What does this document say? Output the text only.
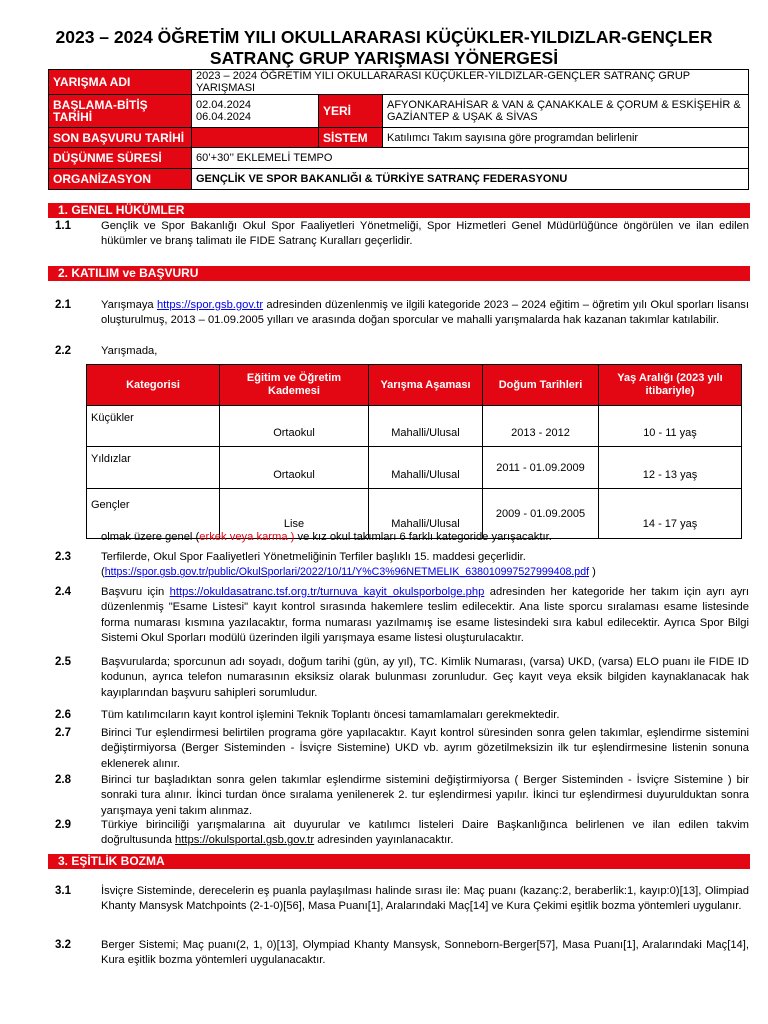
2023 – 2024 ÖĞRETİM YILI OKULLARARASI KÜÇÜKLER-YILDIZLAR-GENÇLER
SATRANÇ GRUP YARIŞMASI YÖNERGESİ
YARIŞMA ADI	2023 – 2024 ÖĞRETİM YILI OKULLARARASI KÜÇÜKLER-YILDIZLAR-GENÇLER SATRANÇ GRUP YARIŞMASI		
BAŞLAMA-BİTİŞ TARİHİ	02.04.2024
06.04.2024	YERİ	AFYONKARAHİSAR & VAN & ÇANAKKALE & ÇORUM & ESKİŞEHİR & GAZİANTEP & UŞAK & SİVAS
SON BAŞVURU TARİHİ		SİSTEM	Katılımcı Takım sayısına göre programdan belirlenir
DÜŞÜNME SÜRESİ	60’+30’’ EKLEMELİ TEMPO		
ORGANİZASYON	GENÇLİK VE SPOR BAKANLIĞI & TÜRKİYE SATRANÇ FEDERASYONU		
1. GENEL HÜKÜMLER
1.1	Gençlik ve Spor Bakanlığı Okul Spor Faaliyetleri Yönetmeliği, Spor Hizmetleri Genel Müdürlüğünce öngörülen ve ilan edilen hükümler ve branş talimatı ile FIDE Satranç Kuralları geçerlidir.
2. KATILIM ve BAŞVURU
2.1	Yarışmaya https://spor.gsb.gov.tr adresinden düzenlenmiş ve ilgili kategoride 2023 – 2024 eğitim – öğretim yılı Okul sporları lisansı oluşturulmuş, 2013 – 01.09.2005 yılları ve arasında doğan sporcular ve mahalli yarışmalarda hak kazanan takımlar katılabilir.
2.2	Yarışmada,
Kategorisi	Eğitim ve Öğretim Kademesi	Yarışma Aşaması	Doğum Tarihleri	Yaş Aralığı (2023 yılı itibariyle)
Küçükler	Ortaokul	Mahalli/Ulusal	2013 - 2012	10 - 11 yaş
Yıldızlar	Ortaokul	Mahalli/Ulusal	2011 - 01.09.2009	12 - 13 yaş
Gençler	Lise	Mahalli/Ulusal	2009 - 01.09.2005	14 - 17 yaş
olmak üzere genel (erkek veya karma ) ve kız okul takımları 6 farklı kategoride yarışacaktır.
2.3	Terfilerde, Okul Spor Faaliyetleri Yönetmeliğinin Terfiler başlıklı 15. maddesi geçerlidir.
(https://spor.gsb.gov.tr/public/OkulSporlari/2022/10/11/Y%C3%96NETMELIK_638010997527999408.pdf )
2.4	Başvuru için https://okuldasatranc.tsf.org.tr/turnuva_kayit_okulsporbolge.php adresinden her kategoride her takım için ayrı ayrı düzenlenmiş "Esame Listesi" kayıt kontrol sırasında hakemlere teslim edilecektir. Ana liste sporcu sıralaması esame listesinde forma numarası kısmına yazılacaktır, forma numarası yazılmamış ise esame listesindeki sıra kabul edilecektir. Ayrıca Spor Bilgi Sistemi Okul Sporları modülü üzerinden ilgili yarışmaya esame listesi oluşturulacaktır.
2.5	Başvurularda; sporcunun adı soyadı, doğum tarihi (gün, ay yıl), TC. Kimlik Numarası, (varsa) UKD, (varsa) ELO puanı ile FIDE ID kodunun, ayrıca telefon numarasının eksiksiz olarak bulunması zorunludur. Geç kayıt veya eksik bilgiden kaynaklanacak hak kayıplarından başvuru sahipleri sorumludur.
2.6	Tüm katılımcıların kayıt kontrol işlemini Teknik Toplantı öncesi tamamlamaları gerekmektedir.
2.7	Birinci Tur eşlendirmesi belirtilen programa göre yapılacaktır. Kayıt kontrol süresinden sonra gelen takımlar, eşlendirme sistemini değiştirmiyorsa (Berger Sisteminden - İsviçre Sistemine) UKD vb. ayrım gözetilmeksizin ilk tur eşlendirmesine listenin sonuna eklenerek alınır.
2.8	Birinci tur başladıktan sonra gelen takımlar eşlendirme sistemini değiştirmiyorsa ( Berger Sisteminden - İsviçre Sistemine ) bir sonraki tura alınır. İkinci turdan önce sıralama yenilenerek 2. tur eşlendirmesi yapılır. İkinci tur eşlendirmesi duyurulduktan sonra yarışmaya yeni takım alınmaz.
2.9	Türkiye birinciliği yarışmalarına ait duyurular ve katılımcı listeleri Daire Başkanlığınca belirlenen ve ilan edilen takvim doğrultusunda https://okulsportal.gsb.gov.tr adresinden yayınlanacaktır.
3. EŞİTLİK BOZMA
3.1	İsviçre Sisteminde, derecelerin eş puanla paylaşılması halinde sırası ile: Maç puanı (kazanç:2, beraberlik:1, kayıp:0)[13], Olimpiad Khanty Mansysk Matchpoints (2-1-0)[56], Masa Puanı[1], Aralarındaki Maç[14] ve Kura Çekimi eşitlik bozma yöntemleri uygulanır.
3.2	Berger Sistemi; Maç puanı(2, 1, 0)[13], Olympiad Khanty Mansysk, Sonneborn-Berger[57], Masa Puanı[1], Aralarındaki Maç[14], Kura eşitlik bozma yöntemleri uygulanacaktır.
